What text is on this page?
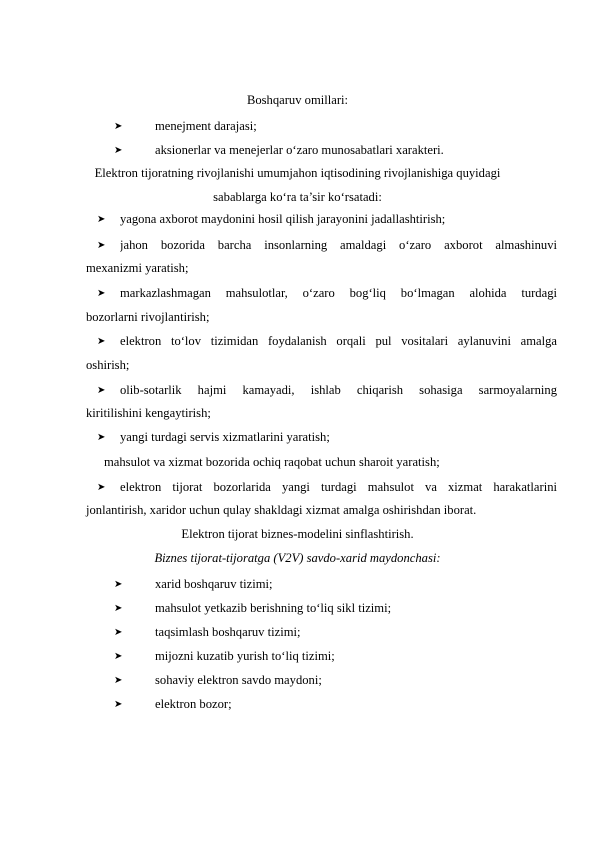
Boshqaruv omillari:
➤	menejment darajasi;
➤	aksionerlar va menejerlar o‘zaro munosabatlari xarakteri.
Elektron tijoratning rivojlanishi umumjahon iqtisodining rivojlanishiga quyidagi
sabablarga ko‘ra ta’sir ko‘rsatadi:
➤ yagona axborot maydonini hosil qilish jarayonini jadallashtirish;
➤ jahon bozorida barcha insonlarning amaldagi o‘zaro axborot almashinuvi
mexanizmi yaratish;
➤ markazlashmagan mahsulotlar, o‘zaro bog‘liq bo‘lmagan alohida turdagi
bozorlarni rivojlantirish;
➤ elektron to‘lov tizimidan foydalanish orqali pul vositalari aylanuvini amalga
oshirish;
➤ olib-sotarlik hajmi kamayadi, ishlab chiqarish sohasiga sarmoyalarning
kiritilishini kengaytirish;
➤ yangi turdagi servis xizmatlarini yaratish;
mahsulot va xizmat bozorida ochiq raqobat uchun sharoit yaratish;
➤ elektron tijorat bozorlarida yangi turdagi mahsulot va xizmat harakatlarini
jonlantirish, xaridor uchun qulay shakldagi xizmat amalga oshirishdan iborat.
Elektron tijorat biznes-modelini sinflashtirish.
Biznes tijorat-tijoratga (V2V) savdo-xarid maydonchasi:
➤	xarid boshqaruv tizimi;
➤	mahsulot yetkazib berishning to‘liq sikl tizimi;
➤	taqsimlash boshqaruv tizimi;
➤	mijozni kuzatib yurish to‘liq tizimi;
➤	sohaviy elektron savdo maydoni;
➤	elektron bozor;
